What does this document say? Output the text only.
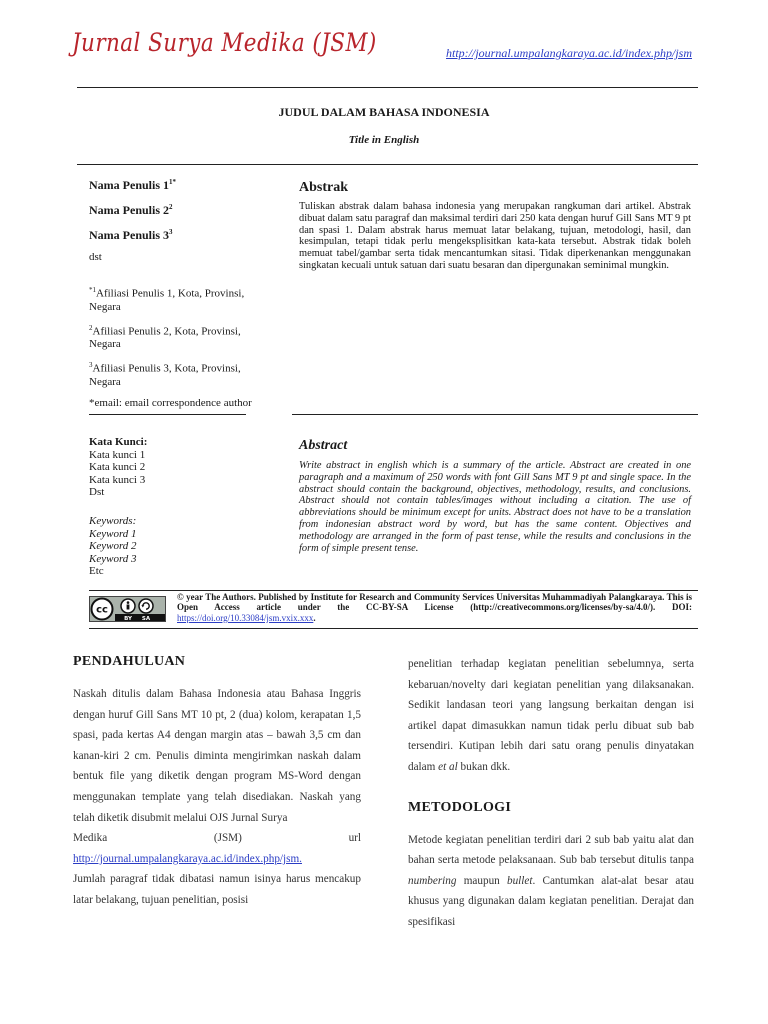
Jurnal Surya Medika (JSM)	http://journal.umpalangkaraya.ac.id/index.php/jsm
JUDUL DALAM BAHASA INDONESIA
Title in English
Nama Penulis $1^{1*}$
Nama Penulis $2^2$
Nama Penulis $3^3$
dst
$^{*1}$Afiliasi Penulis 1, Kota, Provinsi, Negara
$^2$Afiliasi Penulis 2, Kota, Provinsi, Negara
$^3$Afiliasi Penulis 3, Kota, Provinsi, Negara
*email: email correspondence author
Abstrak
Tuliskan abstrak dalam bahasa indonesia yang merupakan rangkuman dari artikel. Abstrak dibuat dalam satu paragraf dan maksimal terdiri dari 250 kata dengan huruf Gill Sans MT 9 pt dan spasi 1. Dalam abstrak harus memuat latar belakang, tujuan, metodologi, hasil, dan kesimpulan, tetapi tidak perlu mengeksplisitkan kata-kata tersebut. Abstrak tidak boleh memuat tabel/gambar serta tidak mencantumkan sitasi. Tidak diperkenankan menggunakan singkatan kecuali untuk satuan dari suatu besaran dan dipergunakan seminimal mungkin.
Kata Kunci:
Kata kunci 1
Kata kunci 2
Kata kunci 3
Dst
Keywords:
Keyword 1
Keyword 2
Keyword 3
Etc
Abstract
Write abstract in english which is a summary of the article. Abstract are created in one paragraph and a maximum of 250 words with font Gill Sans MT 9 pt and single space. In the abstract should contain the background, objectives, methodology, results, and conclusions. Abstract should not contain tables/images without including a citation. The use of abbreviations should be minimum except for units. Abstract does not have to be a translation from indonesian abstract word by word, but has the same content. Objectives and methodology are arranged in the form of past tense, while the results and conclusions in the form of simple present tense.
cc
BY SA
© year The Authors. Published by Institute for Research and Community Services Universitas Muhammadiyah Palangkaraya. This is Open Access article under the CC-BY-SA License (http://creativecommons.org/licenses/by-sa/4.0/). DOI: https://doi.org/10.33084/jsm.vxix.xxx.
PENDAHULUAN
Naskah ditulis dalam Bahasa Indonesia atau Bahasa Inggris dengan huruf Gill Sans MT 10 pt, 2 (dua) kolom, kerapatan 1,5 spasi, pada kertas A4 dengan margin atas – bawah 3,5 cm dan kanan-kiri 2 cm. Penulis diminta mengirimkan naskah dalam bentuk file yang diketik dengan program MS-Word dengan menggunakan template yang telah disediakan. Naskah yang telah diketik disubmit melalui OJS Jurnal Surya
Medika (JSM) url
http://journal.umpalangkaraya.ac.id/index.php/jsm.
Jumlah paragraf tidak dibatasi namun isinya harus mencakup latar belakang, tujuan penelitian, posisi
penelitian terhadap kegiatan penelitian sebelumnya, serta kebaruan/novelty dari kegiatan penelitian yang dilaksanakan. Sedikit landasan teori yang langsung berkaitan dengan isi artikel dapat dimasukkan namun tidak perlu dibuat sub bab tersendiri. Kutipan lebih dari satu orang penulis dinyatakan dalam et al bukan dkk.
METODOLOGI
Metode kegiatan penelitian terdiri dari 2 sub bab yaitu alat dan bahan serta metode pelaksanaan. Sub bab tersebut ditulis tanpa numbering maupun bullet. Cantumkan alat-alat besar atau khusus yang digunakan dalam kegiatan penelitian. Derajat dan spesifikasi
